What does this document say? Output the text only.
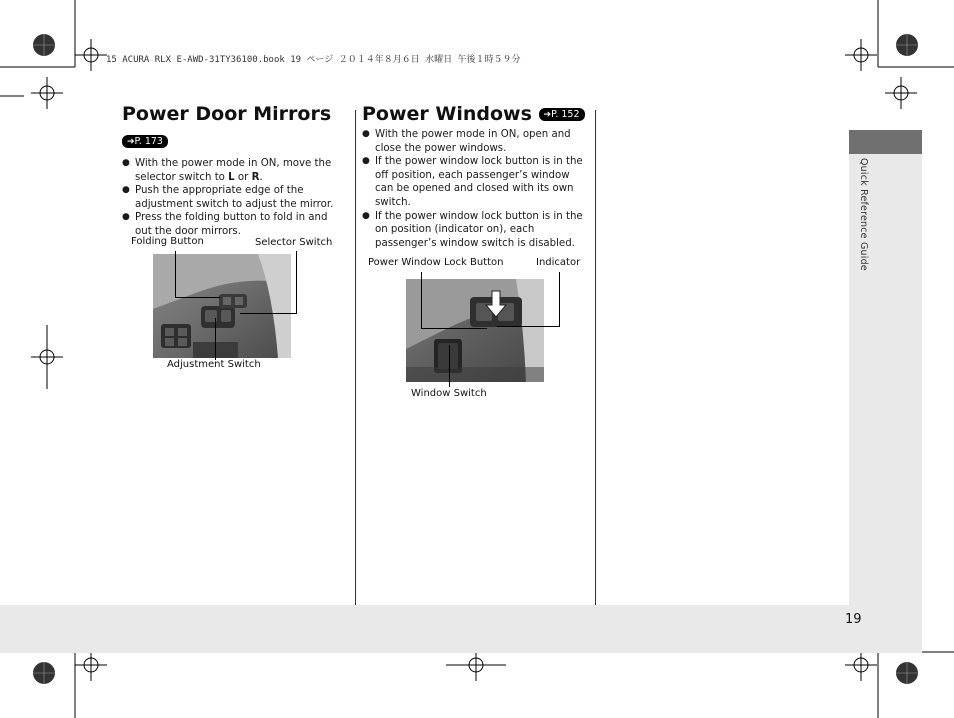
15 ACURA RLX E-AWD-31TY36100.book 19 ページ ２０１４年８月６日 水曜日 午後１時５９分
Quick Reference Guide
19
Power Door Mirrors
➔P. 173
● With the power mode in ON, move the selector switch to L or R.
● Push the appropriate edge of the adjustment switch to adjust the mirror.
● Press the folding button to fold in and out the door mirrors.
Folding Button	Selector Switch
Adjustment Switch
Power Windows ➔P. 152
● With the power mode in ON, open and close the power windows.
● If the power window lock button is in the off position, each passenger’s window can be opened and closed with its own switch.
● If the power window lock button is in the on position (indicator on), each passenger’s window switch is disabled.
Power Window Lock Button	Indicator
Window Switch
